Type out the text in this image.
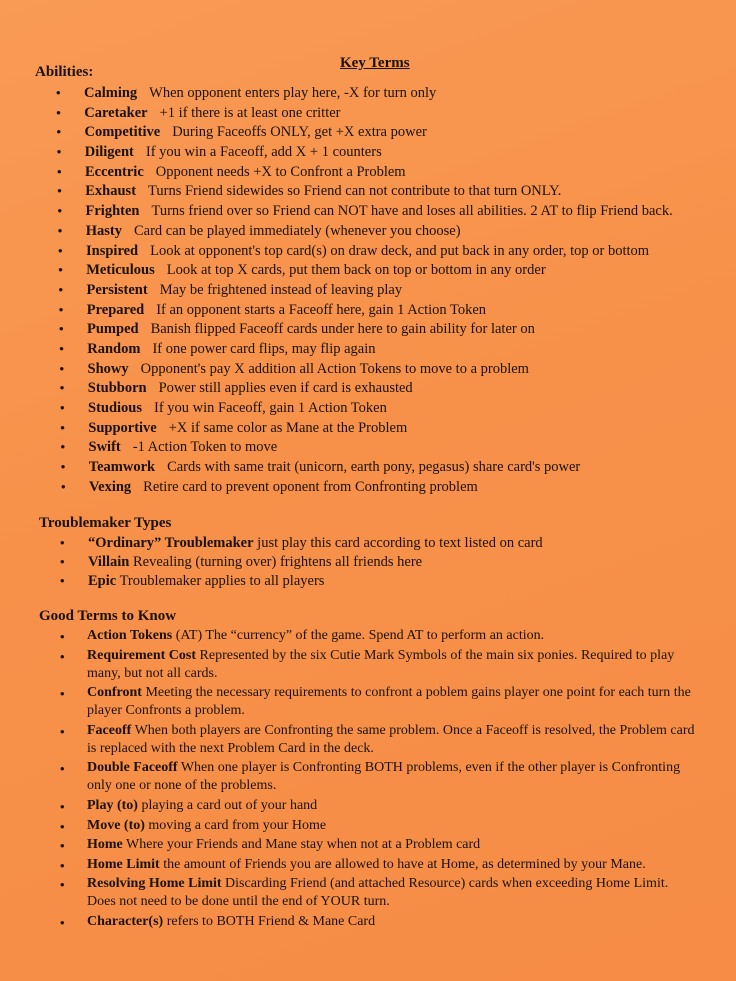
Key Terms
Abilities:
• Calming When opponent enters play here, -X for turn only
• Caretaker +1 if there is at least one critter
• Competitive During Faceoffs ONLY, get +X extra power
• Diligent If you win a Faceoff, add X + 1 counters
• Eccentric Opponent needs +X to Confront a Problem
• Exhaust Turns Friend sidewides so Friend can not contribute to that turn ONLY.
• Frighten Turns friend over so Friend can NOT have and loses all abilities. 2 AT to flip Friend back.
• Hasty Card can be played immediately (whenever you choose)
• Inspired Look at opponent's top card(s) on draw deck, and put back in any order, top or bottom
• Meticulous Look at top X cards, put them back on top or bottom in any order
• Persistent May be frightened instead of leaving play
• Prepared If an opponent starts a Faceoff here, gain 1 Action Token
• Pumped Banish flipped Faceoff cards under here to gain ability for later on
• Random If one power card flips, may flip again
• Showy Opponent's pay X addition all Action Tokens to move to a problem
• Stubborn Power still applies even if card is exhausted
• Studious If you win Faceoff, gain 1 Action Token
• Supportive +X if same color as Mane at the Problem
• Swift -1 Action Token to move
• Teamwork Cards with same trait (unicorn, earth pony, pegasus) share card's power
• Vexing Retire card to prevent oponent from Confronting problem
Troublemaker Types
• “Ordinary” Troublemaker just play this card according to text listed on card
• Villain Revealing (turning over) frightens all friends here
• Epic Troublemaker applies to all players
Good Terms to Know
• Action Tokens (AT) The “currency” of the game. Spend AT to perform an action.
• Requirement Cost Represented by the six Cutie Mark Symbols of the main six ponies. Required to play many, but not all cards.
• Confront Meeting the necessary requirements to confront a poblem gains player one point for each turn the player Confronts a problem.
• Faceoff When both players are Confronting the same problem. Once a Faceoff is resolved, the Problem card is replaced with the next Problem Card in the deck.
• Double Faceoff When one player is Confronting BOTH problems, even if the other player is Confronting only one or none of the problems.
• Play (to) playing a card out of your hand
• Move (to) moving a card from your Home
• Home Where your Friends and Mane stay when not at a Problem card
• Home Limit the amount of Friends you are allowed to have at Home, as determined by your Mane.
• Resolving Home Limit Discarding Friend (and attached Resource) cards when exceeding Home Limit. Does not need to be done until the end of YOUR turn.
• Character(s) refers to BOTH Friend & Mane Card
